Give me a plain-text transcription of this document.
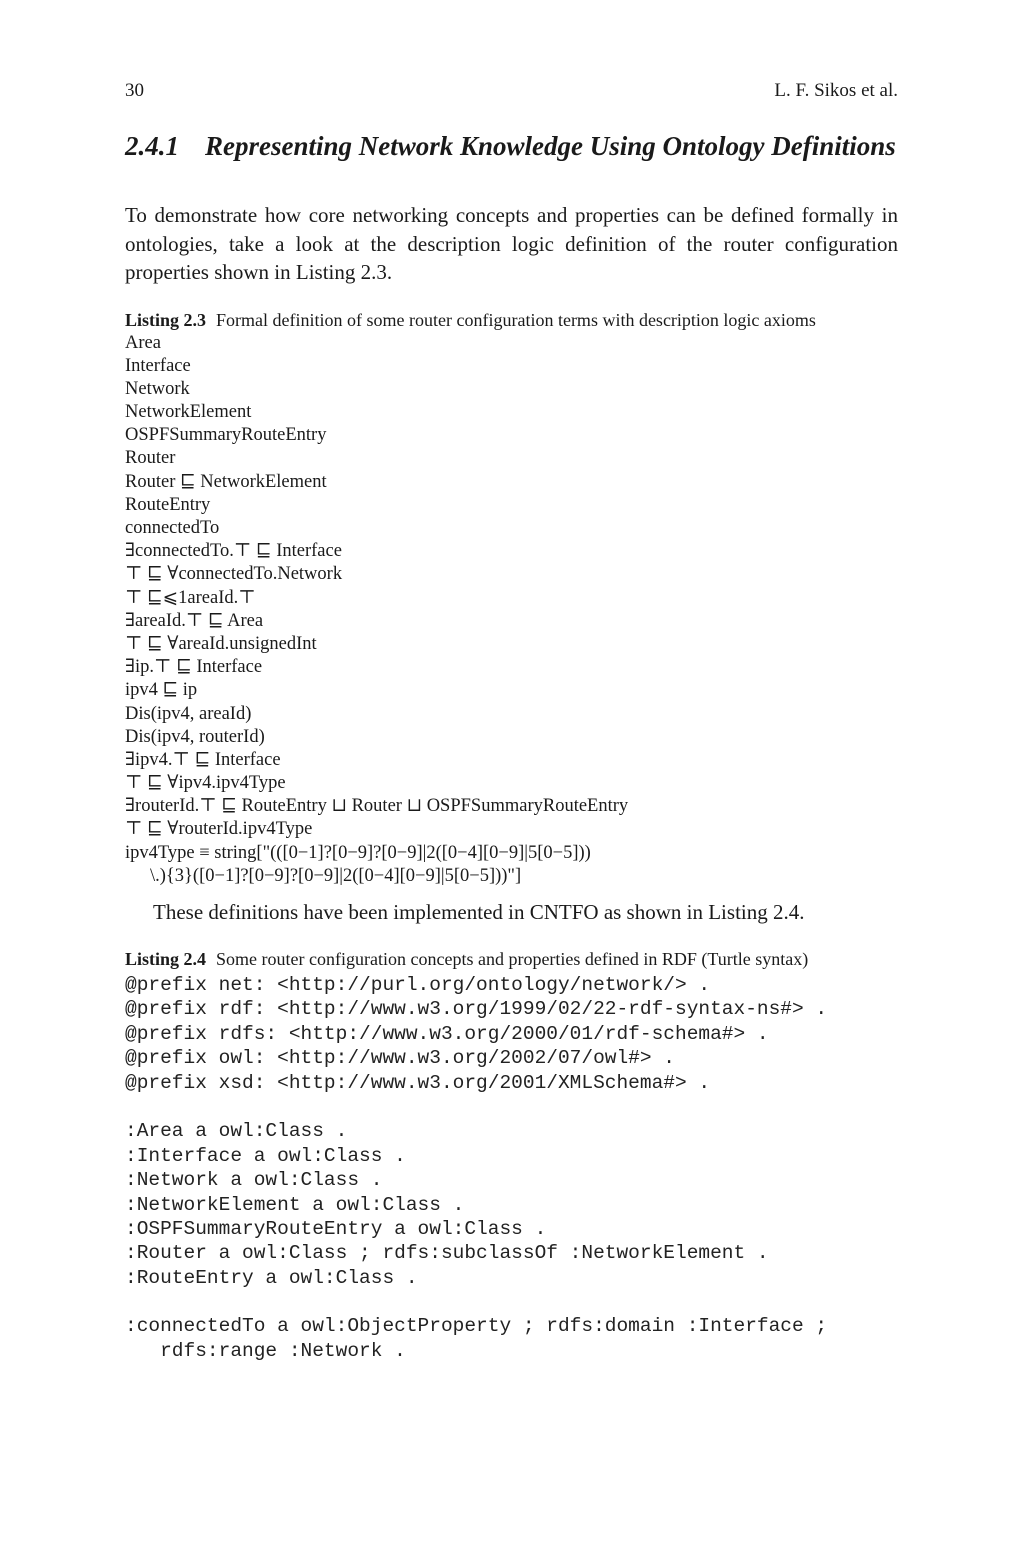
30	L. F. Sikos et al.
2.4.1 Representing Network Knowledge Using Ontology Definitions

To demonstrate how core networking concepts and properties can be defined formally in ontologies, take a look at the description logic definition of the router configuration properties shown in Listing 2.3.

Listing 2.3 Formal definition of some router configuration terms with description logic axioms
Area
Interface
Network
NetworkElement
OSPFSummaryRouteEntry
Router
Router ⊑ NetworkElement
RouteEntry
connectedTo
∃connectedTo.⊤ ⊑ Interface
⊤ ⊑ ∀connectedTo.Network
⊤ ⊑⩽1areaId.⊤
∃areaId.⊤ ⊑ Area
⊤ ⊑ ∀areaId.unsignedInt
∃ip.⊤ ⊑ Interface
ipv4 ⊑ ip
Dis(ipv4, areaId)
Dis(ipv4, routerId)
∃ipv4.⊤ ⊑ Interface
⊤ ⊑ ∀ipv4.ipv4Type
∃routerId.⊤ ⊑ RouteEntry ⊔ Router ⊔ OSPFSummaryRouteEntry
⊤ ⊑ ∀routerId.ipv4Type
ipv4Type ≡ string["(([0−1]?[0−9]?[0−9]|2([0−4][0−9]|5[0−5]))
\.){3}([0−1]?[0−9]?[0−9]|2([0−4][0−9]|5[0−5]))"]

These definitions have been implemented in CNTFO as shown in Listing 2.4.

Listing 2.4 Some router configuration concepts and properties defined in RDF (Turtle syntax)
@prefix net: <http://purl.org/ontology/network/> .
@prefix rdf: <http://www.w3.org/1999/02/22-rdf-syntax-ns#> .
@prefix rdfs: <http://www.w3.org/2000/01/rdf-schema#> .
@prefix owl: <http://www.w3.org/2002/07/owl#> .
@prefix xsd: <http://www.w3.org/2001/XMLSchema#> .
:Area a owl:Class .
:Interface a owl:Class .
:Network a owl:Class .
:NetworkElement a owl:Class .
:OSPFSummaryRouteEntry a owl:Class .
:Router a owl:Class ; rdfs:subclassOf :NetworkElement .
:RouteEntry a owl:Class .
:connectedTo a owl:ObjectProperty ; rdfs:domain :Interface ;
rdfs:range :Network .
